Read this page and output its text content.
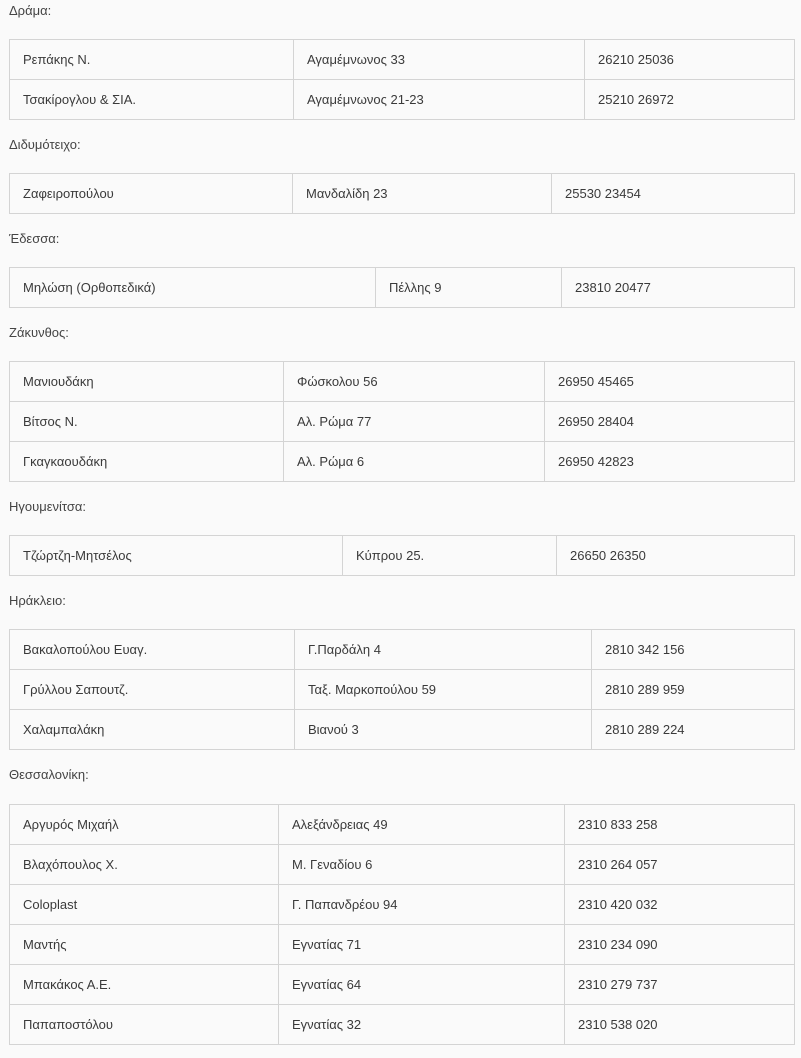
Δράμα:
Ρεπάκης Ν.	Αγαμέμνωνος 33	26210 25036
Τσακίρογλου & ΣΙΑ.	Αγαμέμνωνος 21-23	25210 26972
Διδυμότειχο:
Ζαφειροπούλου	Μανδαλίδη 23	25530 23454
Έδεσσα:
Μηλώση (Ορθοπεδικά)	Πέλλης 9	23810 20477
Ζάκυνθος:
Μανιουδάκη	Φώσκολου 56	26950 45465
Βίτσος Ν.	Αλ. Ρώμα 77	26950 28404
Γκαγκαουδάκη	Αλ. Ρώμα 6	26950 42823
Ηγουμενίτσα:
Τζώρτζη-Μητσέλος	Κύπρου 25.	26650 26350
Ηράκλειο:
Βακαλοπούλου Ευαγ.	Γ.Παρδάλη 4	2810 342 156
Γρύλλου Σαπουτζ.	Ταξ. Μαρκοπούλου 59	2810 289 959
Χαλαμπαλάκη	Βιανού 3	2810 289 224
Θεσσαλονίκη:
Αργυρός Μιχαήλ	Αλεξάνδρειας 49	2310 833 258
Βλαχόπουλος Χ.	Μ. Γεναδίου 6	2310 264 057
Coloplast	Γ. Παπανδρέου 94	2310 420 032
Μαντής	Εγνατίας 71	2310 234 090
Μπακάκος Α.Ε.	Εγνατίας 64	2310 279 737
Παπαποστόλου	Εγνατίας 32	2310 538 020
